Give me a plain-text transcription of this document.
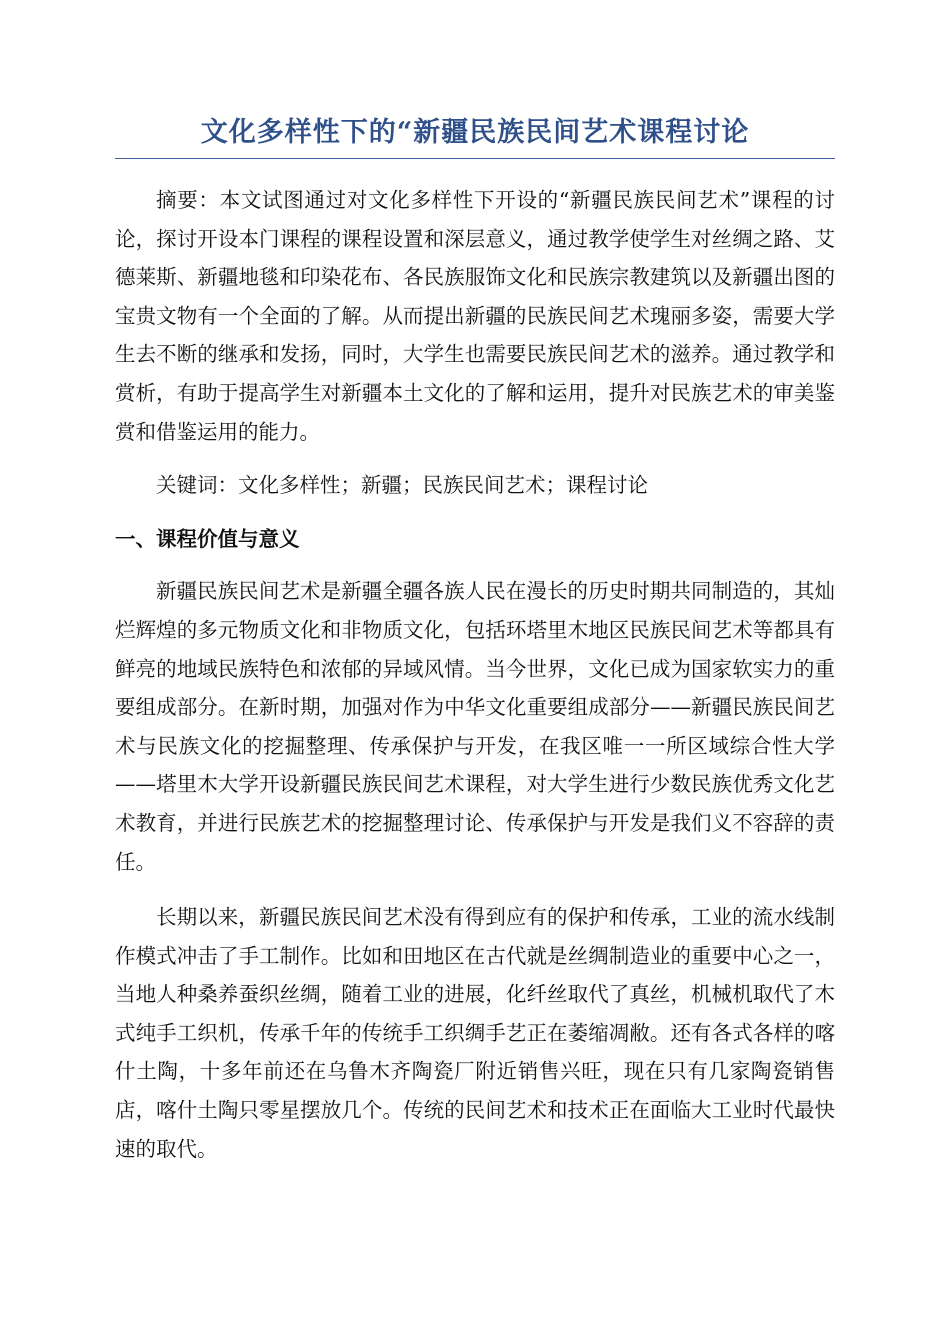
文化多样性下的“新疆民族民间艺术课程讨论

摘要：本文试图通过对文化多样性下开设的“新疆民族民间艺术”课程的讨论，探讨开设本门课程的课程设置和深层意义，通过教学使学生对丝绸之路、艾德莱斯、新疆地毯和印染花布、各民族服饰文化和民族宗教建筑以及新疆出图的宝贵文物有一个全面的了解。从而提出新疆的民族民间艺术瑰丽多姿，需要大学生去不断的继承和发扬，同时，大学生也需要民族民间艺术的滋养。通过教学和赏析，有助于提高学生对新疆本土文化的了解和运用，提升对民族艺术的审美鉴赏和借鉴运用的能力。

关键词：文化多样性；新疆；民族民间艺术；课程讨论

一、课程价值与意义

新疆民族民间艺术是新疆全疆各族人民在漫长的历史时期共同制造的，其灿烂辉煌的多元物质文化和非物质文化，包括环塔里木地区民族民间艺术等都具有鲜亮的地域民族特色和浓郁的异域风情。当今世界，文化已成为国家软实力的重要组成部分。在新时期，加强对作为中华文化重要组成部分——新疆民族民间艺术与民族文化的挖掘整理、传承保护与开发，在我区唯一一所区域综合性大学——塔里木大学开设新疆民族民间艺术课程，对大学生进行少数民族优秀文化艺术教育，并进行民族艺术的挖掘整理讨论、传承保护与开发是我们义不容辞的责任。

长期以来，新疆民族民间艺术没有得到应有的保护和传承，工业的流水线制作模式冲击了手工制作。比如和田地区在古代就是丝绸制造业的重要中心之一，当地人种桑养蚕织丝绸，随着工业的进展，化纤丝取代了真丝，机械机取代了木式纯手工织机，传承千年的传统手工织绸手艺正在萎缩凋敝。还有各式各样的喀什土陶，十多年前还在乌鲁木齐陶瓷厂附近销售兴旺，现在只有几家陶瓷销售店，喀什土陶只零星摆放几个。传统的民间艺术和技术正在面临大工业时代最快速的取代。
